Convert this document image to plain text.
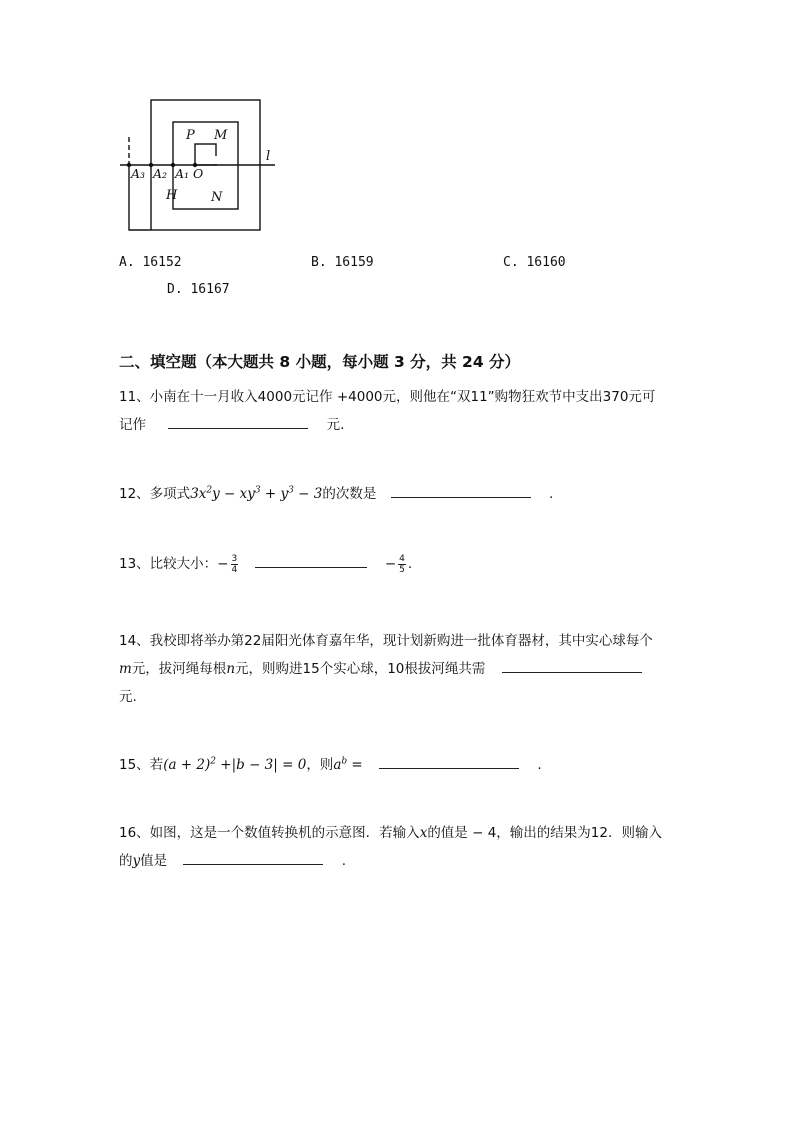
P M
l
A₃ A₂ A₁ O
H	N
A. 16152	B. 16159	C. 16160
D. 16167
二、填空题（本大题共 8 小题，每小题 3 分，共 24 分）
11、小南在十一月收入4000元记作 +4000元，则他在“双11”购物狂欢节中支出370元可
记作	元.
12、多项式$3x^2y - xy^3 + y^3 - 3$的次数是	.
13、比较大小：− $\frac{3}{4}$	− $\frac{4}{5}$ .
14、我校即将举办第22届阳光体育嘉年华，现计划新购进一批体育器材，其中实心球每个
m元，拔河绳每根n元，则购进15个实心球，10根拔河绳共需
元.
15、若$(a + 2)^2 +|b - 3| = 0$，则$a^b$ =	.
16、如图，这是一个数值转换机的示意图．若输入x的值是 − 4，输出的结果为12．则输入
的y值是	.
